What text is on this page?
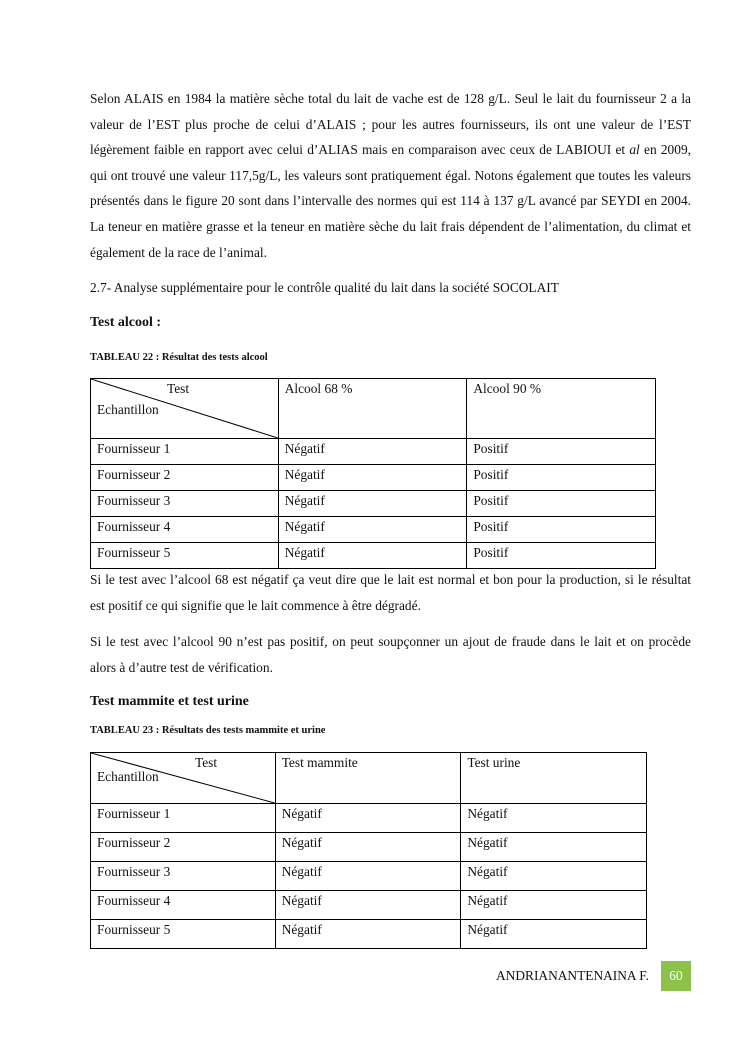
Selon ALAIS en 1984 la matière sèche total du lait de vache est de 128 g/L. Seul le lait du fournisseur 2 a la valeur de l’EST plus proche de celui d’ALAIS ; pour les autres fournisseurs, ils ont une valeur de l’EST légèrement faible en rapport avec celui d’ALIAS mais en comparaison avec ceux de LABIOUI et al en 2009, qui ont trouvé une valeur 117,5g/L, les valeurs sont pratiquement égal. Notons également que toutes les valeurs présentés dans le figure 20 sont dans l’intervalle des normes qui est 114 à 137 g/L avancé par SEYDI en 2004. La teneur en matière grasse et la teneur en matière sèche du lait frais dépendent de l’alimentation, du climat et également de la race de l’animal.

2.7- Analyse supplémentaire pour le contrôle qualité du lait dans la société SOCOLAIT

Test alcool :

TABLEAU 22 : Résultat des tests alcool

Test
Echantillon	Alcool 68 %	Alcool 90 %
Fournisseur 1	Négatif	Positif
Fournisseur 2	Négatif	Positif
Fournisseur 3	Négatif	Positif
Fournisseur 4	Négatif	Positif
Fournisseur 5	Négatif	Positif

Si le test avec l’alcool 68 est négatif ça veut dire que le lait est normal et bon pour la production, si le résultat est positif ce qui signifie que le lait commence à être dégradé.

Si le test avec l’alcool 90 n’est pas positif, on peut soupçonner un ajout de fraude dans le lait et on procède alors à d’autre test de vérification.

Test mammite et test urine

TABLEAU 23 : Résultats des tests mammite et urine

Test
Echantillon	Test mammite	Test urine
Fournisseur 1	Négatif	Négatif
Fournisseur 2	Négatif	Négatif
Fournisseur 3	Négatif	Négatif
Fournisseur 4	Négatif	Négatif
Fournisseur 5	Négatif	Négatif

ANDRIANANTENAINA F.	60
